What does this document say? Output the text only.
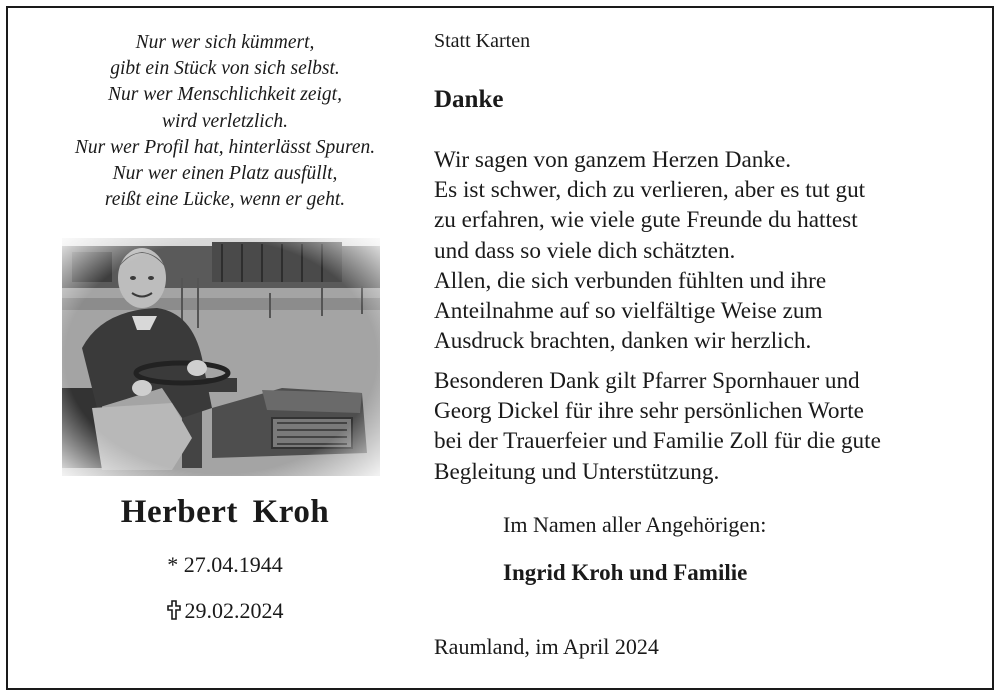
Nur wer sich kümmert,
gibt ein Stück von sich selbst.
Nur wer Menschlichkeit zeigt,
wird verletzlich.
Nur wer Profil hat, hinterlässt Spuren.
Nur wer einen Platz ausfüllt,
reißt eine Lücke, wenn er geht.
Herbert Kroh
* 27.04.1944
29.02.2024
Statt Karten
Danke
Wir sagen von ganzem Herzen Danke.
Es ist schwer, dich zu verlieren, aber es tut gut
zu erfahren, wie viele gute Freunde du hattest
und dass so viele dich schätzten.
Allen, die sich verbunden fühlten und ihre
Anteilnahme auf so vielfältige Weise zum
Ausdruck brachten, danken wir herzlich.
Besonderen Dank gilt Pfarrer Spornhauer und
Georg Dickel für ihre sehr persönlichen Worte
bei der Trauerfeier und Familie Zoll für die gute
Begleitung und Unterstützung.
Im Namen aller Angehörigen:
Ingrid Kroh und Familie
Raumland, im April 2024
